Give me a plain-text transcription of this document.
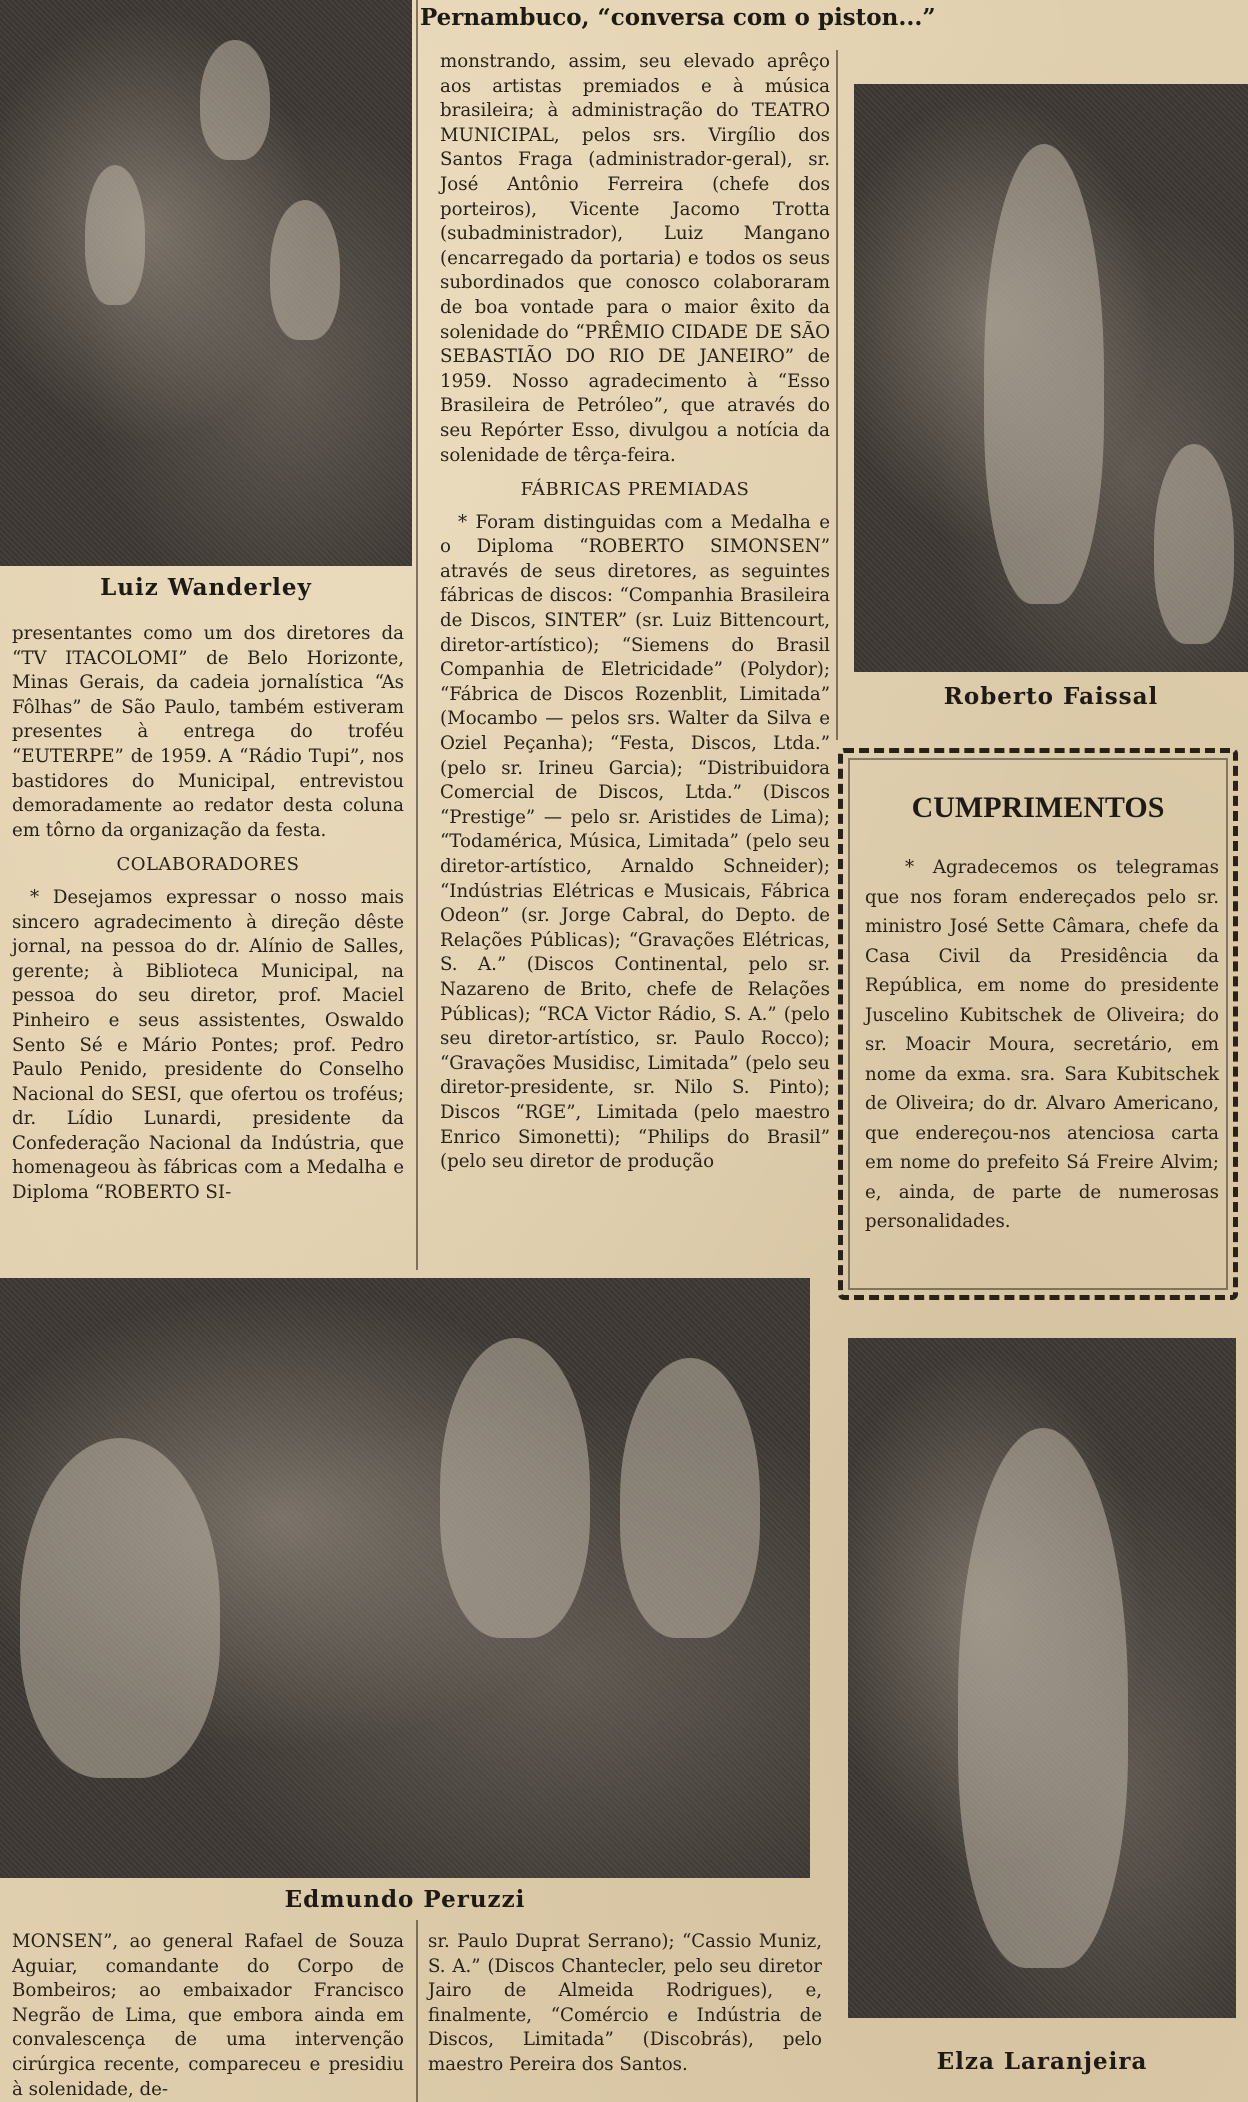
Pernambuco, “conversa com o piston...”
Luiz Wanderley

presentantes como um dos diretores da “TV ITACOLOMI” de Belo Horizonte, Minas Gerais, da cadeia jornalística “As Fôlhas” de São Paulo, também estiveram presentes à entrega do troféu “EUTERPE” de 1959. A “Rádio Tupi”, nos bastidores do Municipal, entrevistou demoradamente ao redator desta coluna em tôrno da organização da festa.

COLABORADORES

* Desejamos expressar o nosso mais sincero agradecimento à direção dêste jornal, na pessoa do dr. Alínio de Salles, gerente; à Biblioteca Municipal, na pessoa do seu diretor, prof. Maciel Pinheiro e seus assistentes, Oswaldo Sento Sé e Mário Pontes; prof. Pedro Paulo Penido, presidente do Conselho Nacional do SESI, que ofertou os troféus; dr. Lídio Lunardi, presidente da Confederação Nacional da Indústria, que homenageou às fábricas com a Medalha e Diploma “ROBERTO SI-

monstrando, assim, seu elevado aprêço aos artistas premiados e à música brasileira; à administração do TEATRO MUNICIPAL, pelos srs. Virgílio dos Santos Fraga (administrador-geral), sr. José Antônio Ferreira (chefe dos porteiros), Vicente Jacomo Trotta (subadministrador), Luiz Mangano (encarregado da portaria) e todos os seus subordinados que conosco colaboraram de boa vontade para o maior êxito da solenidade do “PRÊMIO CIDADE DE SÃO SEBASTIÃO DO RIO DE JANEIRO” de 1959. Nosso agradecimento à “Esso Brasileira de Petróleo”, que através do seu Repórter Esso, divulgou a notícia da solenidade de têrça-feira.

FÁBRICAS PREMIADAS

* Foram distinguidas com a Medalha e o Diploma “ROBERTO SIMONSEN” através de seus diretores, as seguintes fábricas de discos: “Companhia Brasileira de Discos, SINTER” (sr. Luiz Bittencourt, diretor-artístico); “Siemens do Brasil Companhia de Eletricidade” (Polydor); “Fábrica de Discos Rozenblit, Limitada” (Mocambo — pelos srs. Walter da Silva e Oziel Peçanha); “Festa, Discos, Ltda.” (pelo sr. Irineu Garcia); “Distribuidora Comercial de Discos, Ltda.” (Discos “Prestige” — pelo sr. Aristides de Lima); “Todamérica, Música, Limitada” (pelo seu diretor-artístico, Arnaldo Schneider); “Indústrias Elétricas e Musicais, Fábrica Odeon” (sr. Jorge Cabral, do Depto. de Relações Públicas); “Gravações Elétricas, S. A.” (Discos Continental, pelo sr. Nazareno de Brito, chefe de Relações Públicas); “RCA Victor Rádio, S. A.” (pelo seu diretor-artístico, sr. Paulo Rocco); “Gravações Musidisc, Limitada” (pelo seu diretor-presidente, sr. Nilo S. Pinto); Discos “RGE”, Limitada (pelo maestro Enrico Simonetti); “Philips do Brasil” (pelo seu diretor de produção

Roberto Faissal
CUMPRIMENTOS

* Agradecemos os telegramas que nos foram endereçados pelo sr. ministro José Sette Câmara, chefe da Casa Civil da Presidência da República, em nome do presidente Juscelino Kubitschek de Oliveira; do sr. Moacir Moura, secretário, em nome da exma. sra. Sara Kubitschek de Oliveira; do dr. Alvaro Americano, que endereçou-nos atenciosa carta em nome do prefeito Sá Freire Alvim; e, ainda, de parte de numerosas personalidades.

Edmundo Peruzzi

MONSEN”, ao general Rafael de Souza Aguiar, comandante do Corpo de Bombeiros; ao embaixador Francisco Negrão de Lima, que embora ainda em convalescença de uma intervenção cirúrgica recente, compareceu e presidiu à solenidade, de-

sr. Paulo Duprat Serrano); “Cassio Muniz, S. A.” (Discos Chantecler, pelo seu diretor Jairo de Almeida Rodrigues), e, finalmente, “Comércio e Indústria de Discos, Limitada” (Discobrás), pelo maestro Pereira dos Santos.	Elza Laranjeira
